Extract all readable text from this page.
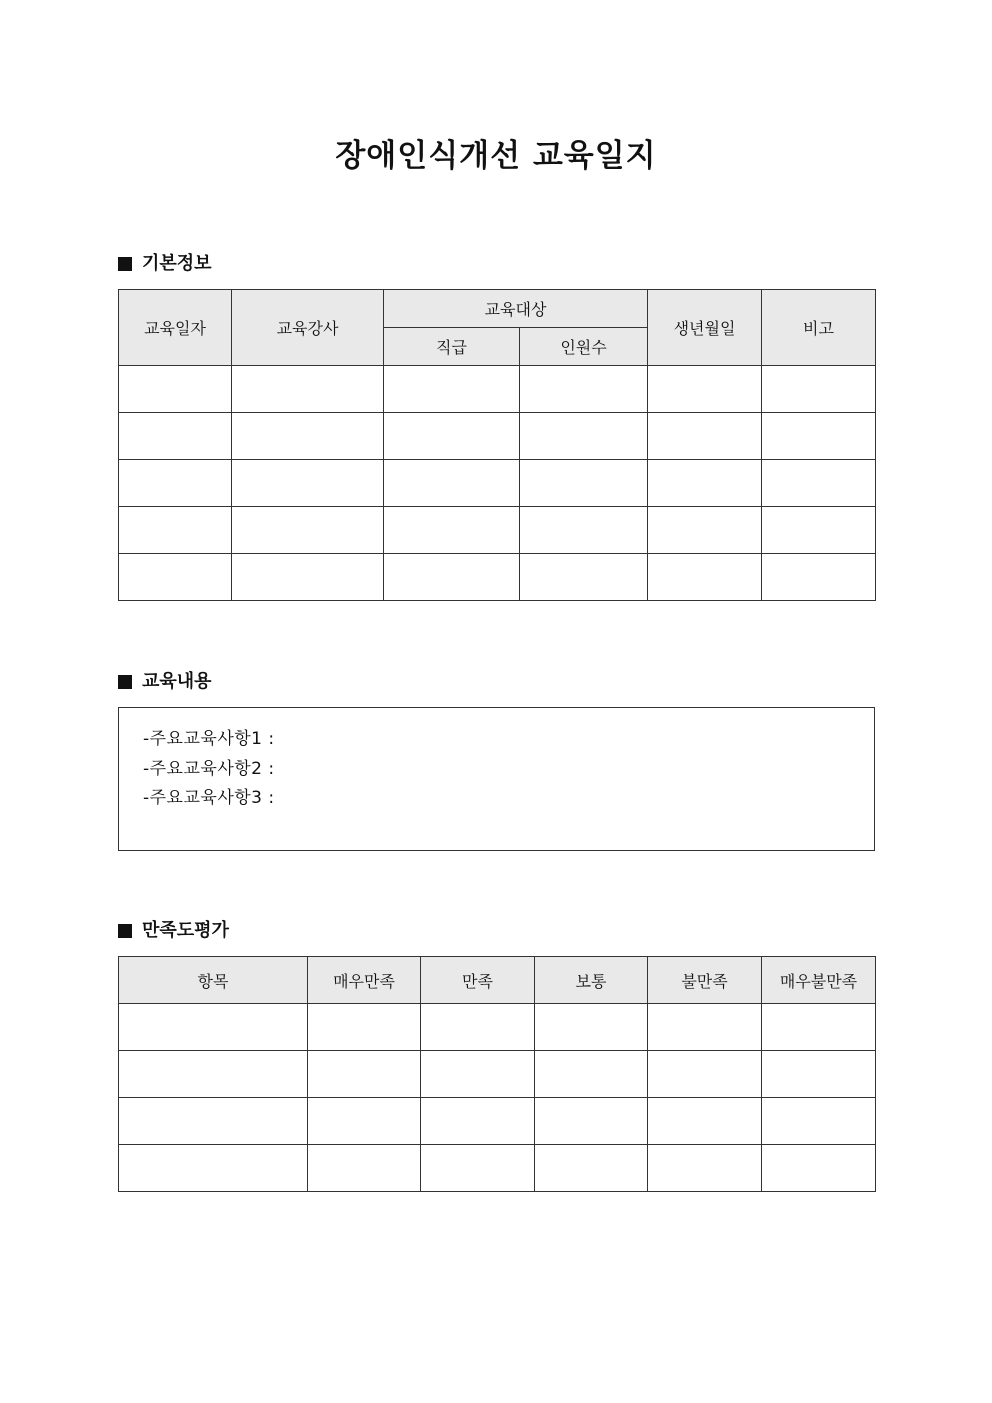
장애인식개선 교육일지
기본정보
교육일자	교육강사	교육대상		생년월일	비고
		직급	인원수		

교육내용
-주요교육사항1 :
-주요교육사항2 :
-주요교육사항3 :
만족도평가
항목	매우만족	만족	보통	불만족	매우불만족
